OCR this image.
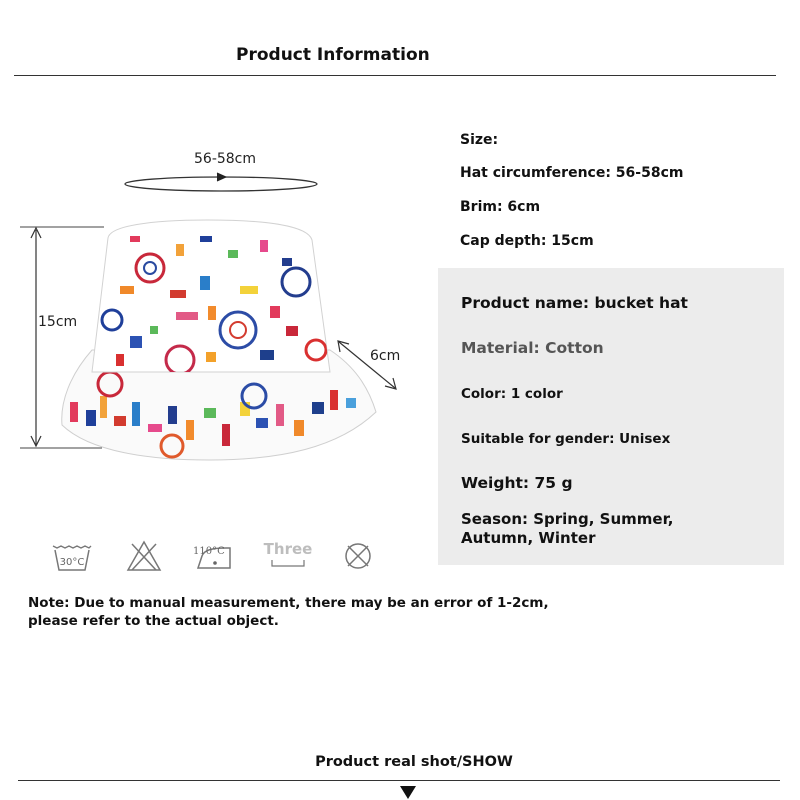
Product Information
56-58cm
15cm
6cm
Size:
Hat circumference: 56-58cm
Brim: 6cm
Cap depth: 15cm
Product name: bucket hat
Material: Cotton
Color: 1 color
Suitable for gender: Unisex
Weight: 75 g
Season: Spring, Summer, Autumn, Winter
30°C
110°C	Three
Note: Due to manual measurement, there may be an error of 1-2cm, please refer to the actual object.
Product real shot/SHOW
